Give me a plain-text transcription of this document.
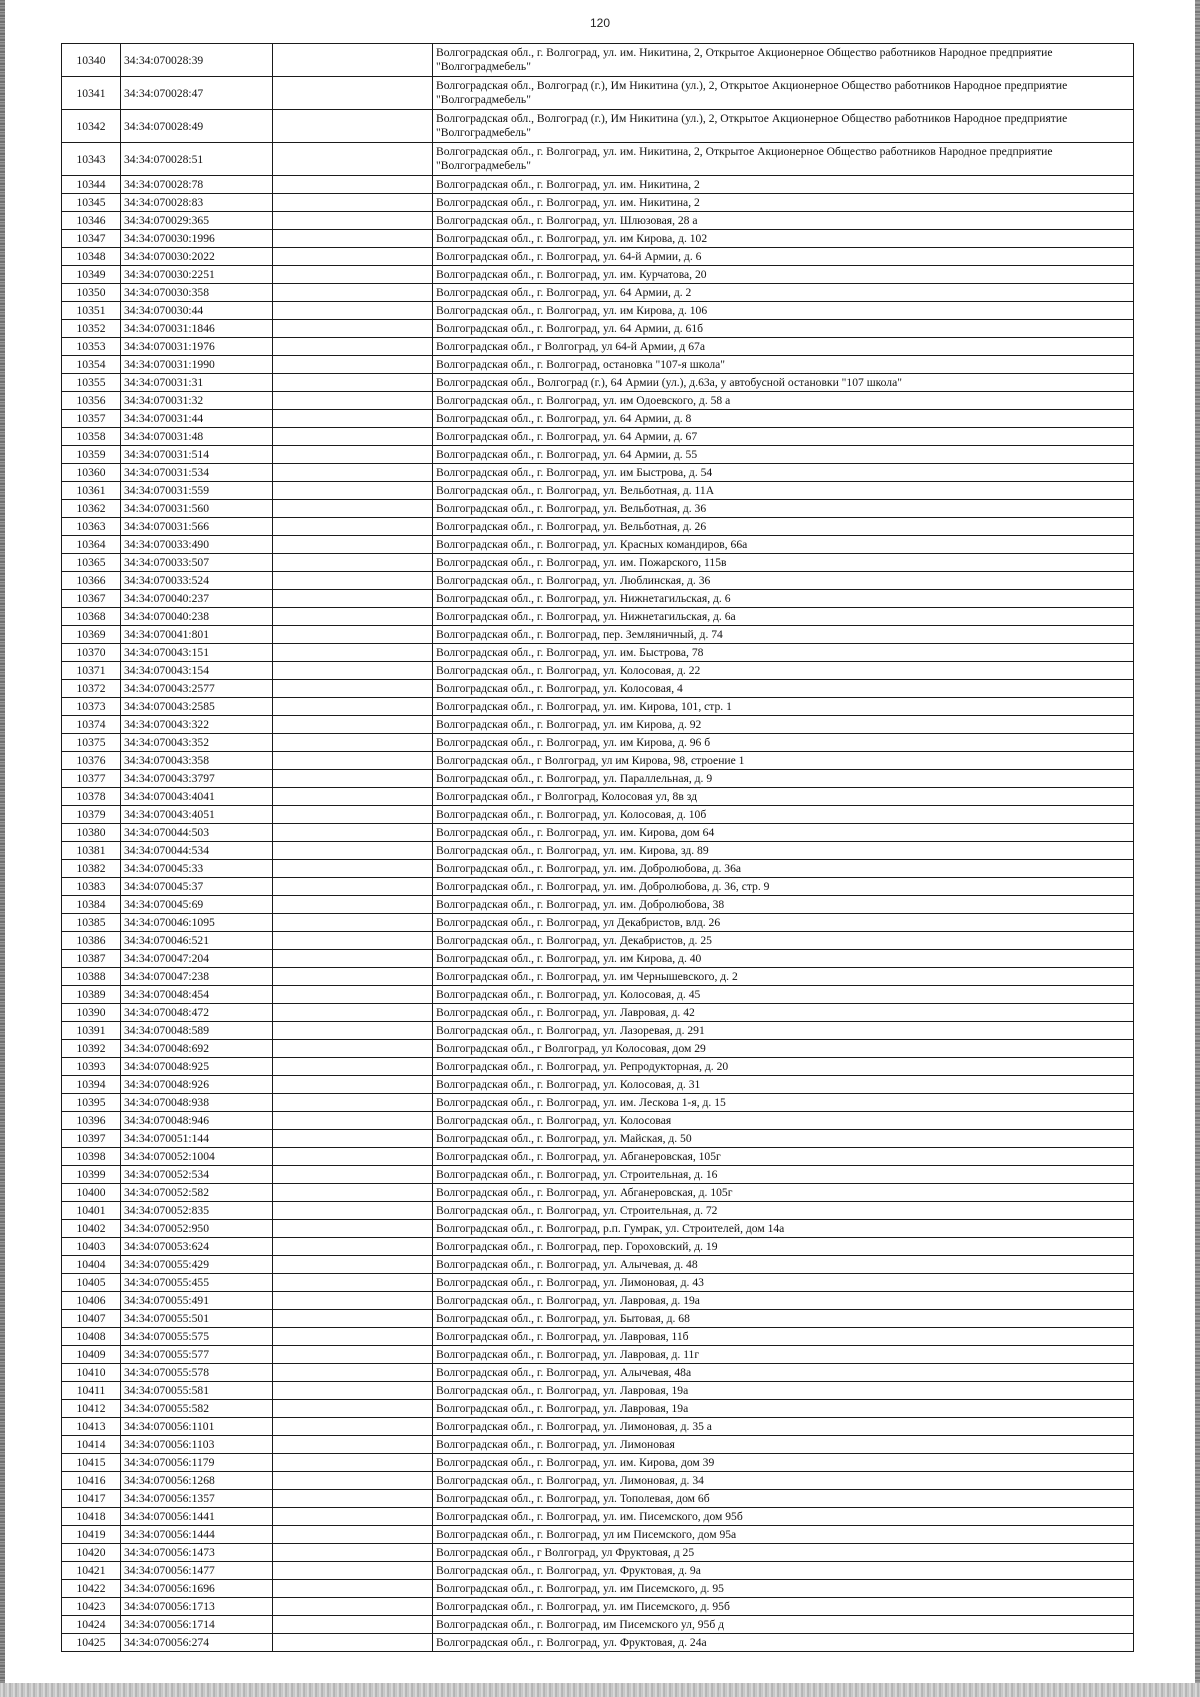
120
10340	34:34:070028:39		Волгоградская обл., г. Волгоград, ул. им. Никитина, 2, Открытое Акционерное Общество работников Народное предприятие "Волгоградмебель"
10341	34:34:070028:47		Волгоградская обл., Волгоград (г.), Им Никитина (ул.), 2, Открытое Акционерное Общество работников Народное предприятие "Волгоградмебель"
10342	34:34:070028:49		Волгоградская обл., Волгоград (г.), Им Никитина (ул.), 2, Открытое Акционерное Общество работников Народное предприятие "Волгоградмебель"
10343	34:34:070028:51		Волгоградская обл., г. Волгоград, ул. им. Никитина, 2, Открытое Акционерное Общество работников Народное предприятие "Волгоградмебель"
10344	34:34:070028:78		Волгоградская обл., г. Волгоград, ул. им. Никитина, 2
10345	34:34:070028:83		Волгоградская обл., г. Волгоград, ул. им. Никитина, 2
10346	34:34:070029:365		Волгоградская обл., г. Волгоград, ул. Шлюзовая, 28 а
10347	34:34:070030:1996		Волгоградская обл., г. Волгоград, ул. им Кирова, д. 102
10348	34:34:070030:2022		Волгоградская обл., г. Волгоград, ул. 64-й Армии, д. 6
10349	34:34:070030:2251		Волгоградская обл., г. Волгоград, ул. им. Курчатова, 20
10350	34:34:070030:358		Волгоградская обл., г. Волгоград, ул. 64 Армии, д. 2
10351	34:34:070030:44		Волгоградская обл., г. Волгоград, ул. им Кирова, д. 106
10352	34:34:070031:1846		Волгоградская обл., г. Волгоград, ул. 64 Армии, д. 61б
10353	34:34:070031:1976		Волгоградская обл., г Волгоград, ул 64-й Армии, д 67а
10354	34:34:070031:1990		Волгоградская обл., г. Волгоград, остановка "107-я школа"
10355	34:34:070031:31		Волгоградская обл., Волгоград (г.), 64 Армии (ул.), д.63а, у автобусной остановки "107 школа"
10356	34:34:070031:32		Волгоградская обл., г. Волгоград, ул. им Одоевского, д. 58 а
10357	34:34:070031:44		Волгоградская обл., г. Волгоград, ул. 64 Армии, д. 8
10358	34:34:070031:48		Волгоградская обл., г. Волгоград, ул. 64 Армии, д. 67
10359	34:34:070031:514		Волгоградская обл., г. Волгоград, ул. 64 Армии, д. 55
10360	34:34:070031:534		Волгоградская обл., г. Волгоград, ул. им Быстрова, д. 54
10361	34:34:070031:559		Волгоградская обл., г. Волгоград, ул. Вельботная, д. 11А
10362	34:34:070031:560		Волгоградская обл., г. Волгоград, ул. Вельботная, д. 36
10363	34:34:070031:566		Волгоградская обл., г. Волгоград, ул. Вельботная, д. 26
10364	34:34:070033:490		Волгоградская обл., г. Волгоград, ул. Красных командиров, 66а
10365	34:34:070033:507		Волгоградская обл., г. Волгоград, ул. им. Пожарского, 115в
10366	34:34:070033:524		Волгоградская обл., г. Волгоград, ул. Люблинская, д. 36
10367	34:34:070040:237		Волгоградская обл., г. Волгоград, ул. Нижнетагильская, д. 6
10368	34:34:070040:238		Волгоградская обл., г. Волгоград, ул. Нижнетагильская, д. 6а
10369	34:34:070041:801		Волгоградская обл., г. Волгоград, пер. Земляничный, д. 74
10370	34:34:070043:151		Волгоградская обл., г. Волгоград, ул. им. Быстрова, 78
10371	34:34:070043:154		Волгоградская обл., г. Волгоград, ул. Колосовая, д. 22
10372	34:34:070043:2577		Волгоградская обл., г. Волгоград, ул. Колосовая, 4
10373	34:34:070043:2585		Волгоградская обл., г. Волгоград, ул. им. Кирова, 101, стр. 1
10374	34:34:070043:322		Волгоградская обл., г. Волгоград, ул. им Кирова, д. 92
10375	34:34:070043:352		Волгоградская обл., г. Волгоград, ул. им Кирова, д. 96 б
10376	34:34:070043:358		Волгоградская обл., г Волгоград, ул им Кирова, 98, строение 1
10377	34:34:070043:3797		Волгоградская обл., г. Волгоград, ул. Параллельная, д. 9
10378	34:34:070043:4041		Волгоградская обл., г Волгоград, Колосовая ул, 8в зд
10379	34:34:070043:4051		Волгоградская обл., г. Волгоград, ул. Колосовая, д. 10б
10380	34:34:070044:503		Волгоградская обл., г. Волгоград, ул. им. Кирова, дом 64
10381	34:34:070044:534		Волгоградская обл., г. Волгоград, ул. им. Кирова, зд. 89
10382	34:34:070045:33		Волгоградская обл., г. Волгоград, ул. им. Добролюбова, д. 36а
10383	34:34:070045:37		Волгоградская обл., г. Волгоград, ул. им. Добролюбова, д. 36, стр. 9
10384	34:34:070045:69		Волгоградская обл., г. Волгоград, ул. им. Добролюбова, 38
10385	34:34:070046:1095		Волгоградская обл., г. Волгоград, ул Декабристов, влд. 26
10386	34:34:070046:521		Волгоградская обл., г. Волгоград, ул. Декабристов, д. 25
10387	34:34:070047:204		Волгоградская обл., г. Волгоград, ул. им Кирова, д. 40
10388	34:34:070047:238		Волгоградская обл., г. Волгоград, ул. им Чернышевского, д. 2
10389	34:34:070048:454		Волгоградская обл., г. Волгоград, ул. Колосовая, д. 45
10390	34:34:070048:472		Волгоградская обл., г. Волгоград, ул. Лавровая, д. 42
10391	34:34:070048:589		Волгоградская обл., г. Волгоград, ул. Лазоревая, д. 291
10392	34:34:070048:692		Волгоградская обл., г Волгоград, ул Колосовая, дом 29
10393	34:34:070048:925		Волгоградская обл., г. Волгоград, ул. Репродукторная, д. 20
10394	34:34:070048:926		Волгоградская обл., г. Волгоград, ул. Колосовая, д. 31
10395	34:34:070048:938		Волгоградская обл., г. Волгоград, ул. им. Лескова 1-я, д. 15
10396	34:34:070048:946		Волгоградская обл., г. Волгоград, ул. Колосовая
10397	34:34:070051:144		Волгоградская обл., г. Волгоград, ул. Майская, д. 50
10398	34:34:070052:1004		Волгоградская обл., г. Волгоград, ул. Абганеровская, 105г
10399	34:34:070052:534		Волгоградская обл., г. Волгоград, ул. Строительная, д. 16
10400	34:34:070052:582		Волгоградская обл., г. Волгоград, ул. Абганеровская, д. 105г
10401	34:34:070052:835		Волгоградская обл., г. Волгоград, ул. Строительная, д. 72
10402	34:34:070052:950		Волгоградская обл., г. Волгоград, р.п. Гумрак, ул. Строителей, дом 14а
10403	34:34:070053:624		Волгоградская обл., г. Волгоград, пер. Гороховский, д. 19
10404	34:34:070055:429		Волгоградская обл., г. Волгоград, ул. Алычевая, д. 48
10405	34:34:070055:455		Волгоградская обл., г. Волгоград, ул. Лимоновая, д. 43
10406	34:34:070055:491		Волгоградская обл., г. Волгоград, ул. Лавровая, д. 19а
10407	34:34:070055:501		Волгоградская обл., г. Волгоград, ул. Бытовая, д. 68
10408	34:34:070055:575		Волгоградская обл., г. Волгоград, ул. Лавровая, 11б
10409	34:34:070055:577		Волгоградская обл., г. Волгоград, ул. Лавровая, д. 11г
10410	34:34:070055:578		Волгоградская обл., г. Волгоград, ул. Алычевая, 48а
10411	34:34:070055:581		Волгоградская обл., г. Волгоград, ул. Лавровая, 19а
10412	34:34:070055:582		Волгоградская обл., г. Волгоград, ул. Лавровая, 19а
10413	34:34:070056:1101		Волгоградская обл., г. Волгоград, ул. Лимоновая, д. 35 а
10414	34:34:070056:1103		Волгоградская обл., г. Волгоград, ул. Лимоновая
10415	34:34:070056:1179		Волгоградская обл., г. Волгоград, ул. им. Кирова, дом 39
10416	34:34:070056:1268		Волгоградская обл., г. Волгоград, ул. Лимоновая, д. 34
10417	34:34:070056:1357		Волгоградская обл., г. Волгоград, ул. Тополевая, дом 6б
10418	34:34:070056:1441		Волгоградская обл., г. Волгоград, ул. им. Писемского, дом 95б
10419	34:34:070056:1444		Волгоградская обл., г. Волгоград, ул им Писемского, дом 95а
10420	34:34:070056:1473		Волгоградская обл., г Волгоград, ул Фруктовая, д 25
10421	34:34:070056:1477		Волгоградская обл., г. Волгоград, ул. Фруктовая, д. 9а
10422	34:34:070056:1696		Волгоградская обл., г. Волгоград, ул. им Писемского, д. 95
10423	34:34:070056:1713		Волгоградская обл., г. Волгоград, ул. им Писемского, д. 95б
10424	34:34:070056:1714		Волгоградская обл., г. Волгоград, им Писемского ул, 95б д
10425	34:34:070056:274		Волгоградская обл., г. Волгоград, ул. Фруктовая, д. 24а
